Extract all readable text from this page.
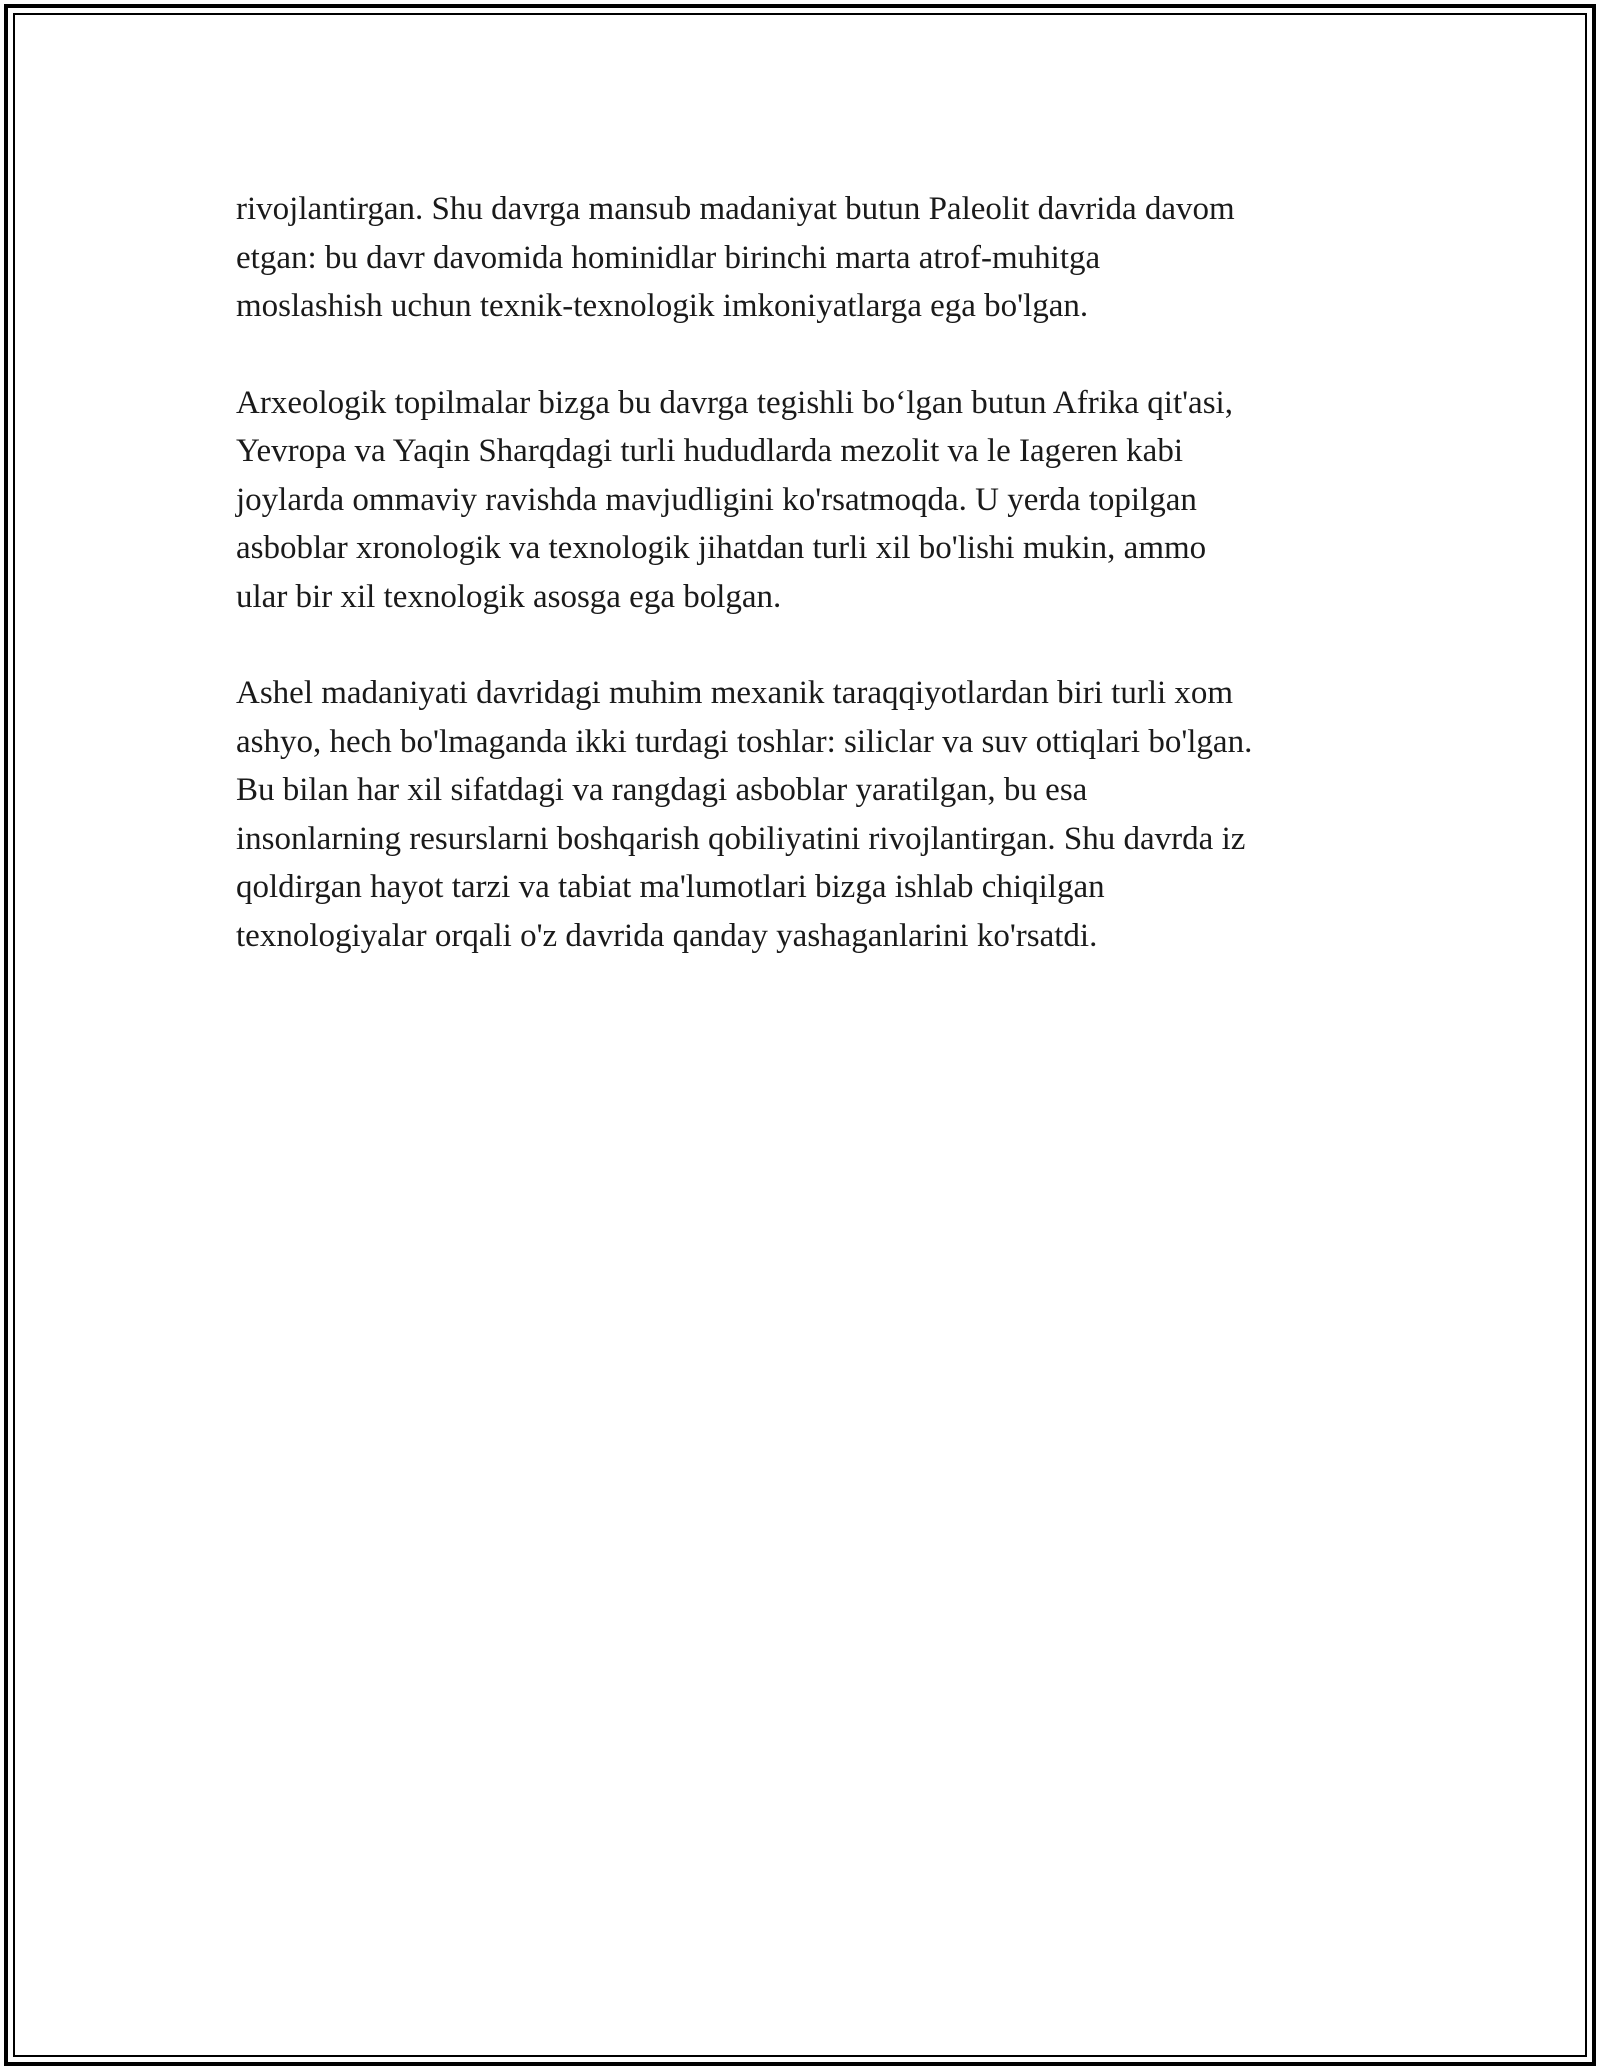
rivojlantirgan. Shu davrga mansub madaniyat butun Paleolit davrida davom
etgan: bu davr davomida hominidlar birinchi marta atrof-muhitga
moslashish uchun texnik-texnologik imkoniyatlarga ega bo'lgan.

Arxeologik topilmalar bizga bu davrga tegishli bo‘lgan butun Afrika qit'asi,
Yevropa va Yaqin Sharqdagi turli hududlarda mezolit va le Iageren kabi
joylarda ommaviy ravishda mavjudligini ko'rsatmoqda. U yerda topilgan
asboblar xronologik va texnologik jihatdan turli xil bo'lishi mukin, ammo
ular bir xil texnologik asosga ega bolgan.

Ashel madaniyati davridagi muhim mexanik taraqqiyotlardan biri turli xom
ashyo, hech bo'lmaganda ikki turdagi toshlar: siliclar va suv ottiqlari bo'lgan.
Bu bilan har xil sifatdagi va rangdagi asboblar yaratilgan, bu esa
insonlarning resurslarni boshqarish qobiliyatini rivojlantirgan. Shu davrda iz
qoldirgan hayot tarzi va tabiat ma'lumotlari bizga ishlab chiqilgan
texnologiyalar orqali o'z davrida qanday yashaganlarini ko'rsatdi.
